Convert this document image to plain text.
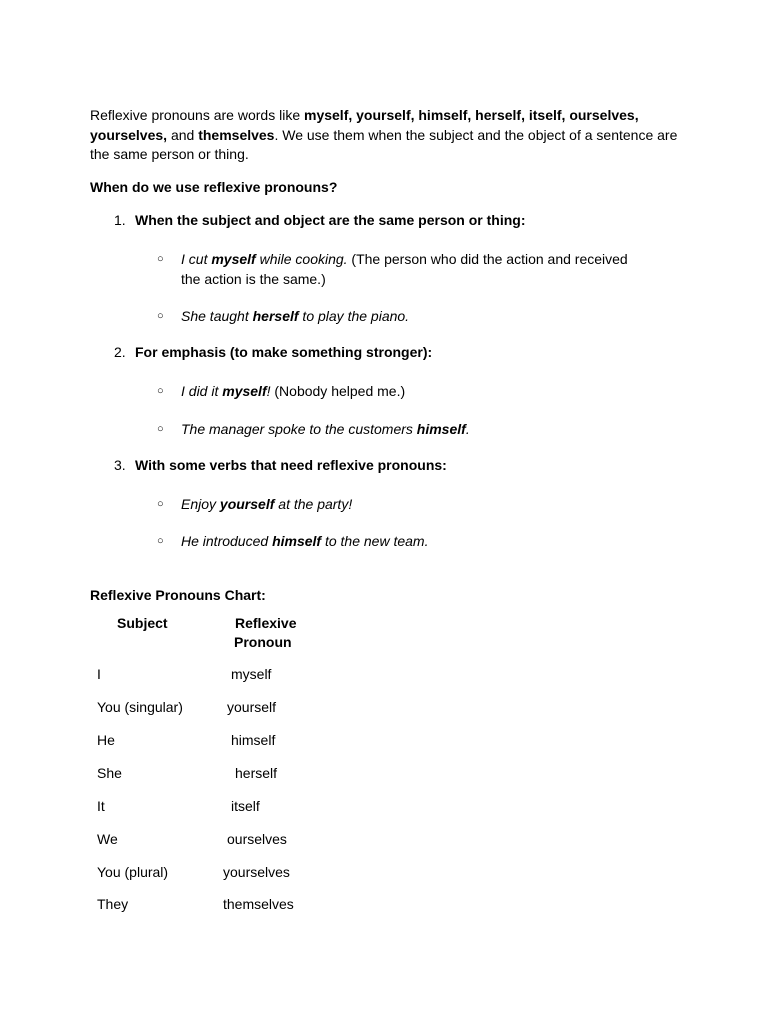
Reflexive pronouns are words like myself, yourself, himself, herself, itself, ourselves, yourselves, and themselves. We use them when the subject and the object of a sentence are the same person or thing.

When do we use reflexive pronouns?

1. When the subject and object are the same person or thing:
○ I cut myself while cooking. (The person who did the action and received the action is the same.)

○ She taught herself to play the piano.

2. For emphasis (to make something stronger):
○ I did it myself! (Nobody helped me.)

○ The manager spoke to the customers himself.

3. With some verbs that need reflexive pronouns:
○ Enjoy yourself at the party!

○ He introduced himself to the new team.

Reflexive Pronouns Chart:

Subject	Reflexive
Pronoun
I	myself
You (singular)	yourself
He	himself
She	herself
It	itself
We	ourselves
You (plural)	yourselves
They	themselves
